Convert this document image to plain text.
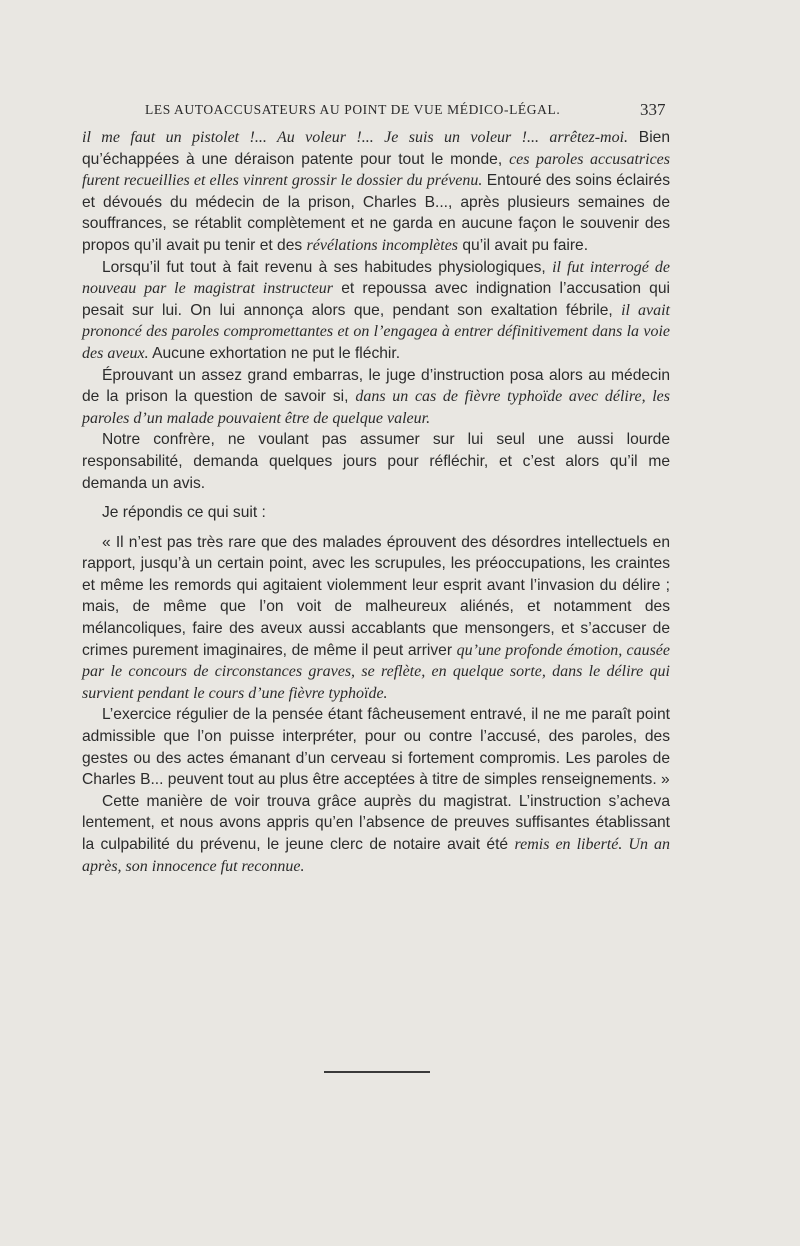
LES AUTOACCUSATEURS AU POINT DE VUE MÉDICO-LÉGAL.	337

il me faut un pistolet !... Au voleur !... Je suis un voleur !... arrêtez-moi. Bien qu’échappées à une déraison patente pour tout le monde, ces paroles accusatrices furent recueillies et elles vinrent grossir le dossier du prévenu. Entouré des soins éclairés et dévoués du médecin de la prison, Charles B..., après plusieurs semaines de souffrances, se rétablit complètement et ne garda en aucune façon le souvenir des propos qu’il avait pu tenir et des révélations incomplètes qu’il avait pu faire.

Lorsqu’il fut tout à fait revenu à ses habitudes physiologiques, il fut interrogé de nouveau par le magistrat instructeur et repoussa avec indignation l’accusation qui pesait sur lui. On lui annonça alors que, pendant son exaltation fébrile, il avait prononcé des paroles compromettantes et on l’engagea à entrer définitivement dans la voie des aveux. Aucune exhortation ne put le fléchir.

Éprouvant un assez grand embarras, le juge d’instruction posa alors au médecin de la prison la question de savoir si, dans un cas de fièvre typhoïde avec délire, les paroles d’un malade pouvaient être de quelque valeur.

Notre confrère, ne voulant pas assumer sur lui seul une aussi lourde responsabilité, demanda quelques jours pour réfléchir, et c’est alors qu’il me demanda un avis.

Je répondis ce qui suit :

« Il n’est pas très rare que des malades éprouvent des désordres intellectuels en rapport, jusqu’à un certain point, avec les scrupules, les préoccupations, les craintes et même les remords qui agitaient violemment leur esprit avant l’invasion du délire ; mais, de même que l’on voit de malheureux aliénés, et notamment des mélancoliques, faire des aveux aussi accablants que mensongers, et s’accuser de crimes purement imaginaires, de même il peut arriver qu’une profonde émotion, causée par le concours de circonstances graves, se reflète, en quelque sorte, dans le délire qui survient pendant le cours d’une fièvre typhoïde.

L’exercice régulier de la pensée étant fâcheusement entravé, il ne me paraît point admissible que l’on puisse interpréter, pour ou contre l’accusé, des paroles, des gestes ou des actes émanant d’un cerveau si fortement compromis. Les paroles de Charles B... peuvent tout au plus être acceptées à titre de simples renseignements. »

Cette manière de voir trouva grâce auprès du magistrat. L’instruction s’acheva lentement, et nous avons appris qu’en l’absence de preuves suffisantes établissant la culpabilité du prévenu, le jeune clerc de notaire avait été remis en liberté. Un an après, son innocence fut reconnue.
